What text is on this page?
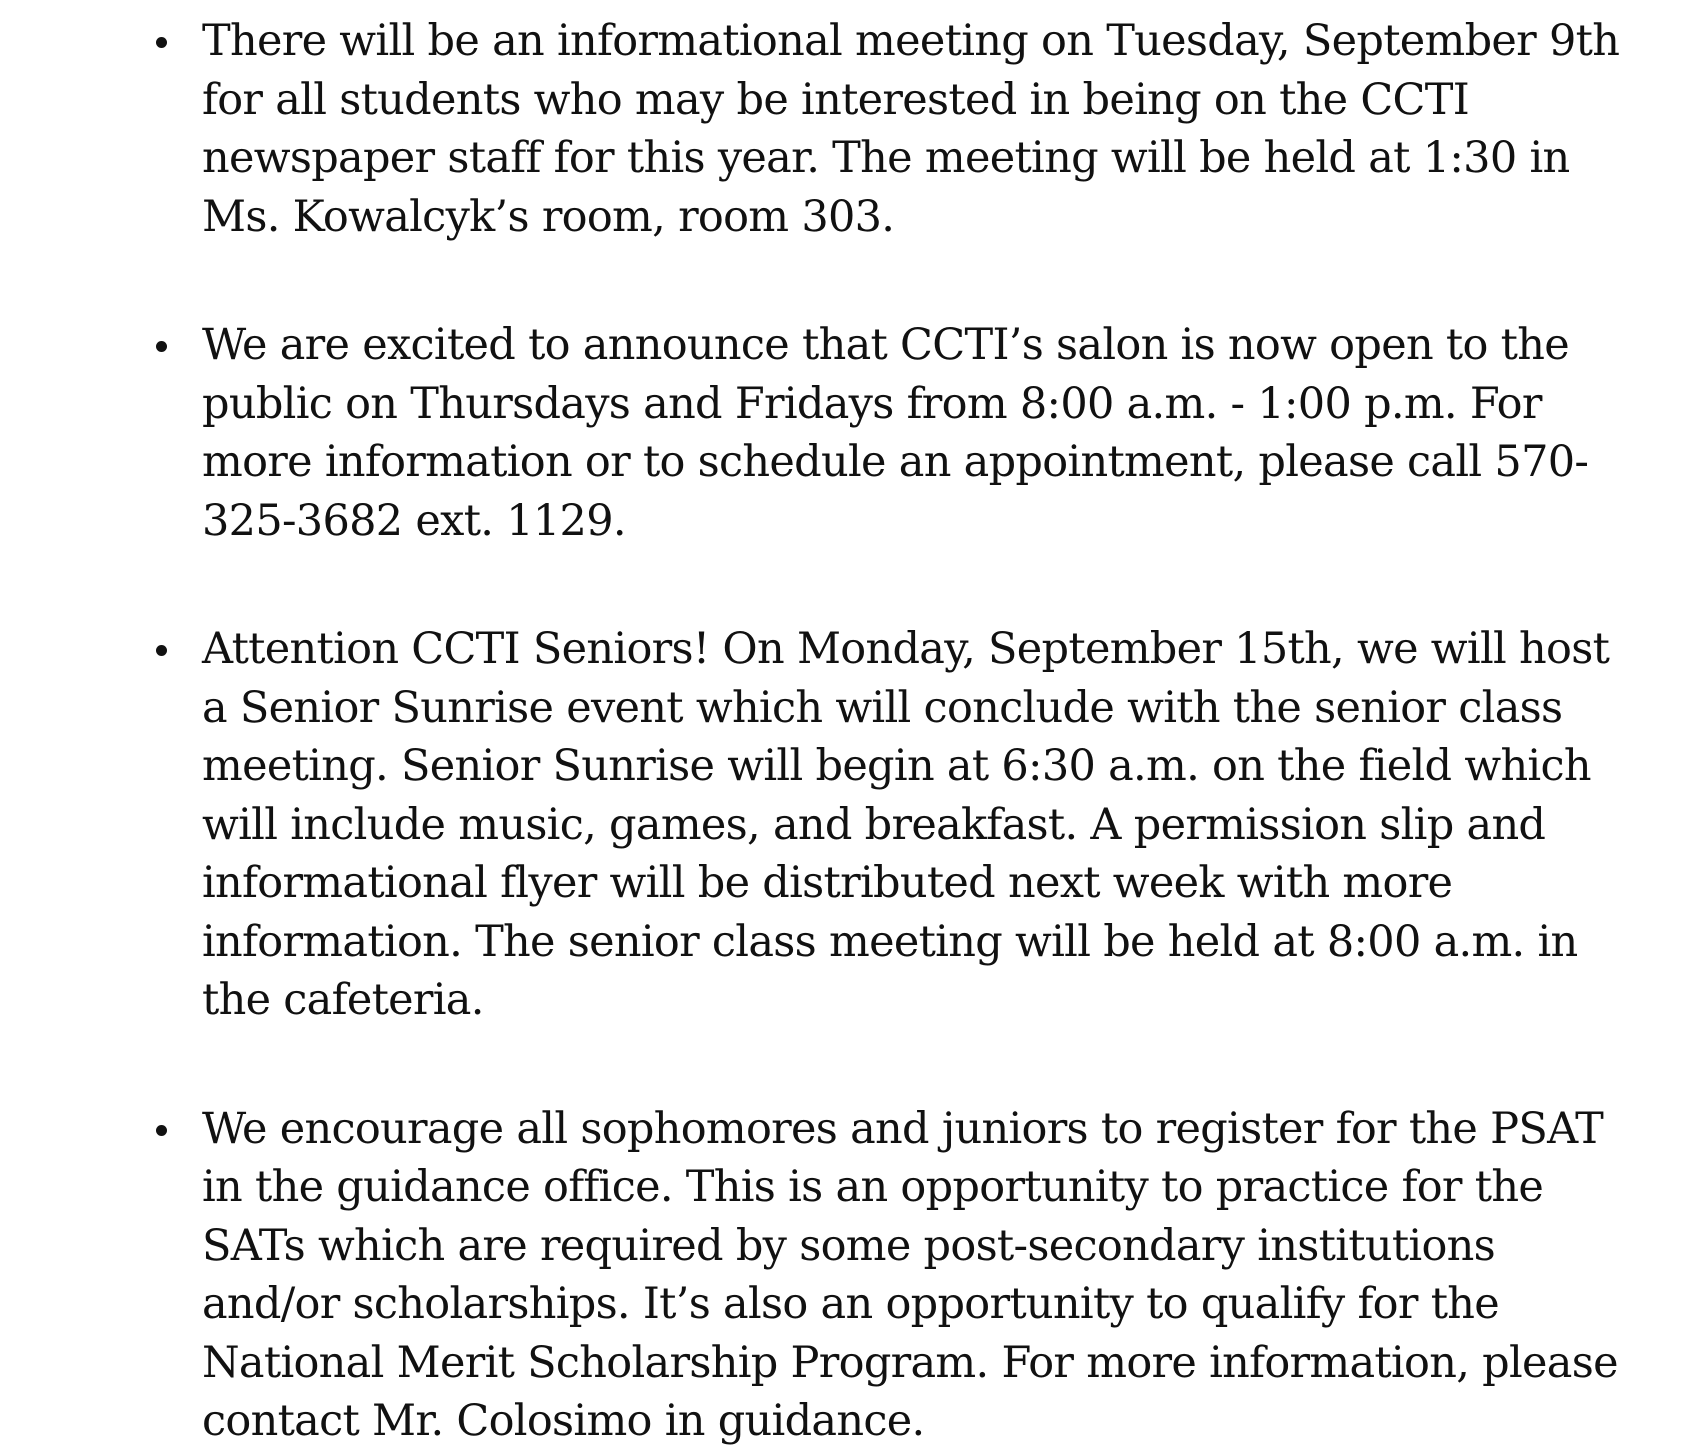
There will be an informational meeting on Tuesday, September 9th for all students who may be interested in being on the CCTI newspaper staff for this year. The meeting will be held at 1:30 in Ms. Kowalcyk’s room, room 303.
We are excited to announce that CCTI’s salon is now open to the public on Thursdays and Fridays from 8:00 a.m. - 1:00 p.m. For more information or to schedule an appointment, please call 570-325-3682 ext. 1129.
Attention CCTI Seniors! On Monday, September 15th, we will host a Senior Sunrise event which will conclude with the senior class meeting. Senior Sunrise will begin at 6:30 a.m. on the field which will include music, games, and breakfast. A permission slip and informational flyer will be distributed next week with more information. The senior class meeting will be held at 8:00 a.m. in the cafeteria.
We encourage all sophomores and juniors to register for the PSAT in the guidance office. This is an opportunity to practice for the SATs which are required by some post-secondary institutions and/or scholarships. It’s also an opportunity to qualify for the National Merit Scholarship Program. For more information, please contact Mr. Colosimo in guidance.
